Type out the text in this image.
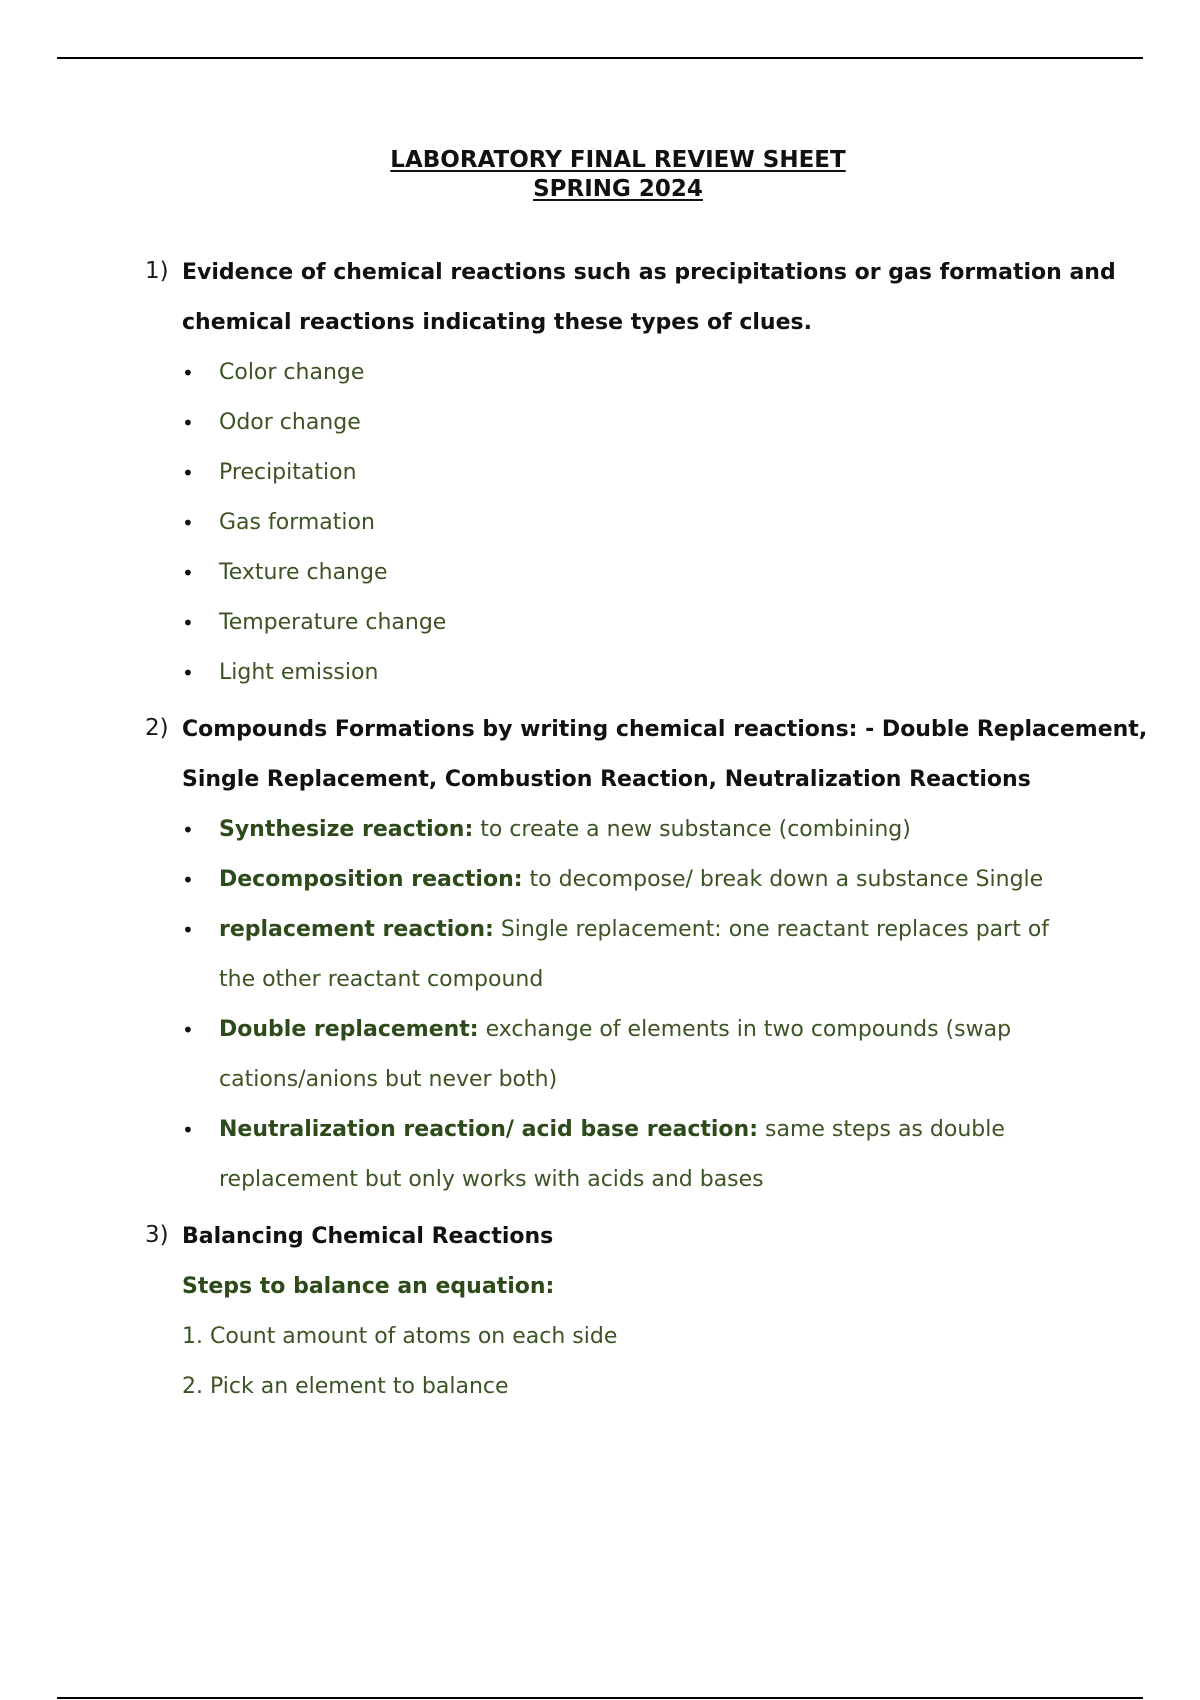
LABORATORY FINAL REVIEW SHEET
SPRING 2024
1) Evidence of chemical reactions such as precipitations or gas formation and
chemical reactions indicating these types of clues.
• Color change
• Odor change
• Precipitation
• Gas formation
• Texture change
• Temperature change
• Light emission
2) Compounds Formations by writing chemical reactions: - Double Replacement,
Single Replacement, Combustion Reaction, Neutralization Reactions
• Synthesize reaction: to create a new substance (combining)
• Decomposition reaction: to decompose/ break down a substance Single
• replacement reaction: Single replacement: one reactant replaces part of
the other reactant compound
• Double replacement: exchange of elements in two compounds (swap
cations/anions but never both)
• Neutralization reaction/ acid base reaction: same steps as double
replacement but only works with acids and bases
3) Balancing Chemical Reactions
Steps to balance an equation:
1. Count amount of atoms on each side
2. Pick an element to balance
